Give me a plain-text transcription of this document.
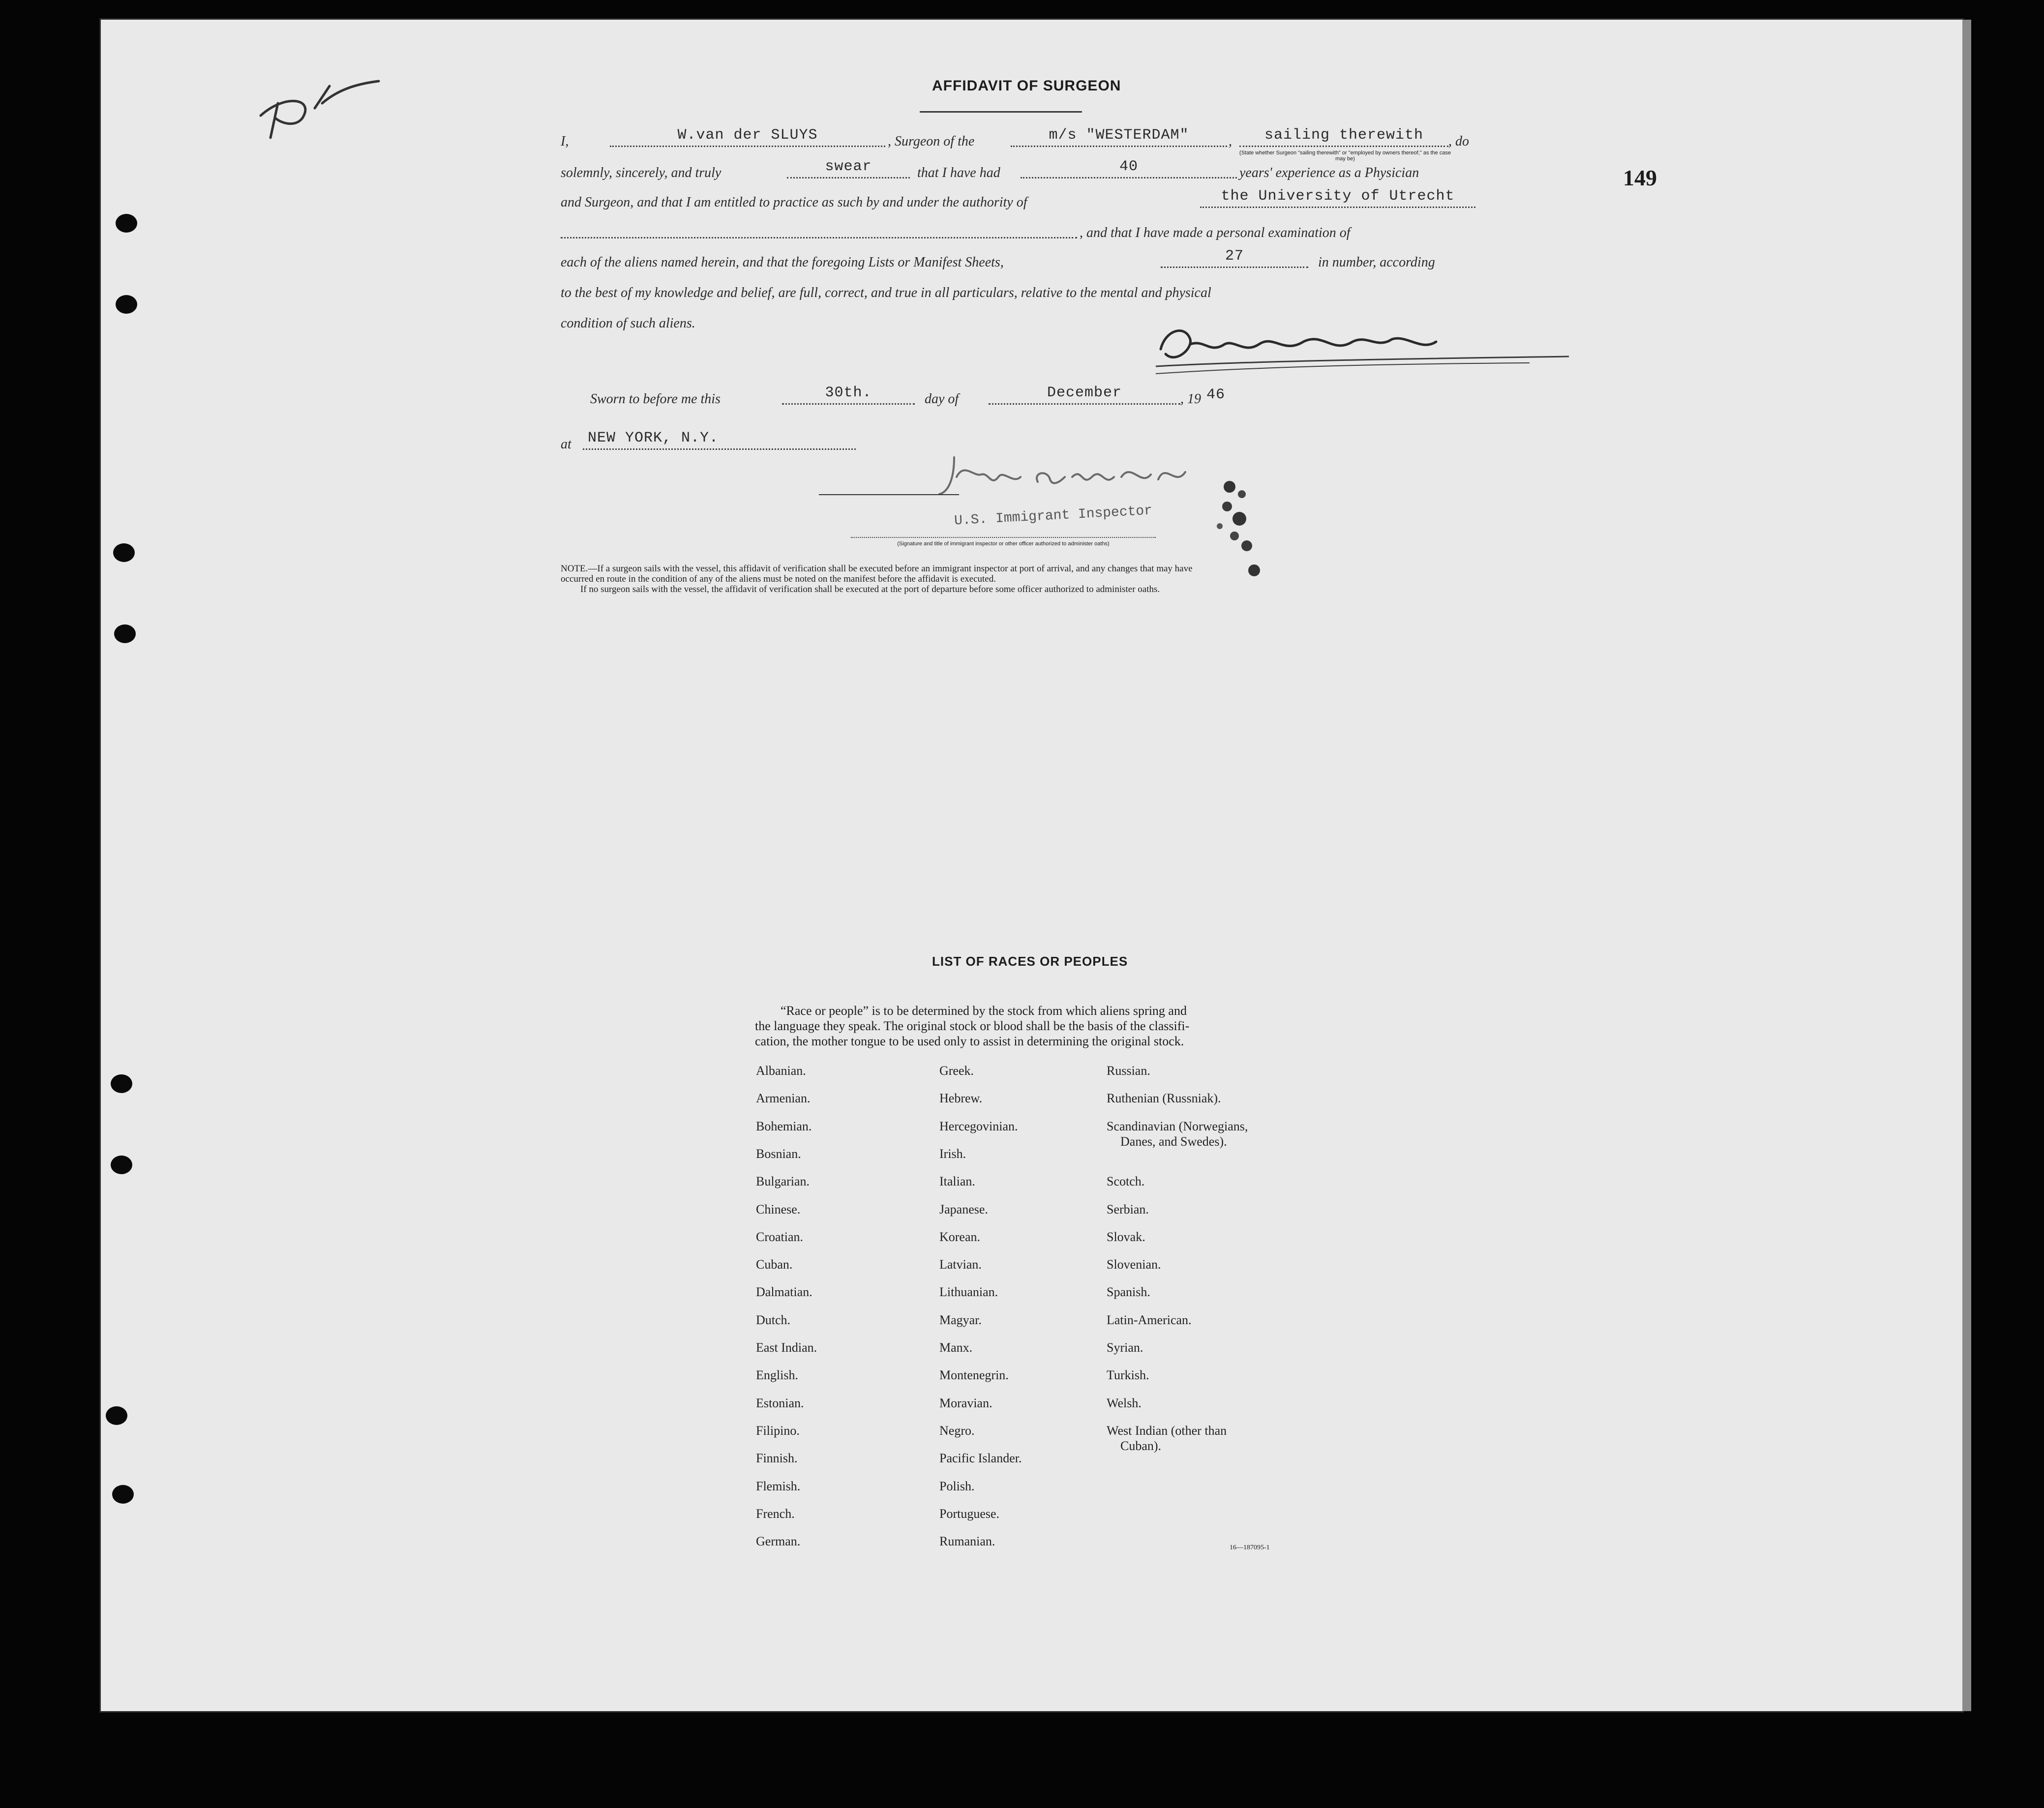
149
AFFIDAVIT OF SURGEON
I,	W.van der SLUYS	, Surgeon of the	m/s "WESTERDAM"	,	sailing therewith	, do
(State whether Surgeon "sailing therewith" or "employed by owners thereof," as the case may be)
solemnly, sincerely, and truly	swear	that I have had	40	years' experience as a Physician
and Surgeon, and that I am entitled to practice as such by and under the authority of	the University of Utrecht
, and that I have made a personal examination of
each of the aliens named herein, and that the foregoing Lists or Manifest Sheets,	27	in number, according
to the best of my knowledge and belief, are full, correct, and true in all particulars, relative to the mental and physical
condition of such aliens.
Sworn to before me this	30th.	day of	December	, 19 46
at NEW YORK, N.Y.
U.S. Immigrant Inspector
(Signature and title of immigrant inspector or other officer authorized to administer oaths)
NOTE.—If a surgeon sails with the vessel, this affidavit of verification shall be executed before an immigrant inspector at port of arrival, and any changes that may have
occurred en route in the condition of any of the aliens must be noted on the manifest before the affidavit is executed.
If no surgeon sails with the vessel, the affidavit of verification shall be executed at the port of departure before some officer authorized to administer oaths.
LIST OF RACES OR PEOPLES
“Race or people” is to be determined by the stock from which aliens spring and
the language they speak. The original stock or blood shall be the basis of the classifi-
cation, the mother tongue to be used only to assist in determining the original stock.
Albanian.
Armenian.
Bohemian.
Bosnian.
Bulgarian.
Chinese.
Croatian.
Cuban.
Dalmatian.
Dutch.
East Indian.
English.
Estonian.
Filipino.
Finnish.
Flemish.
French.
German.
Greek.
Hebrew.
Hercegovinian.
Irish.
Italian.
Japanese.
Korean.
Latvian.
Lithuanian.
Magyar.
Manx.
Montenegrin.
Moravian.
Negro.
Pacific Islander.
Polish.
Portuguese.
Rumanian.
Russian.
Ruthenian (Russniak).
Scandinavian (Norwegians,
Danes, and Swedes).
Scotch.
Serbian.
Slovak.
Slovenian.
Spanish.
Latin-American.
Syrian.
Turkish.
Welsh.
West Indian (other than
Cuban).
16—187095-1
